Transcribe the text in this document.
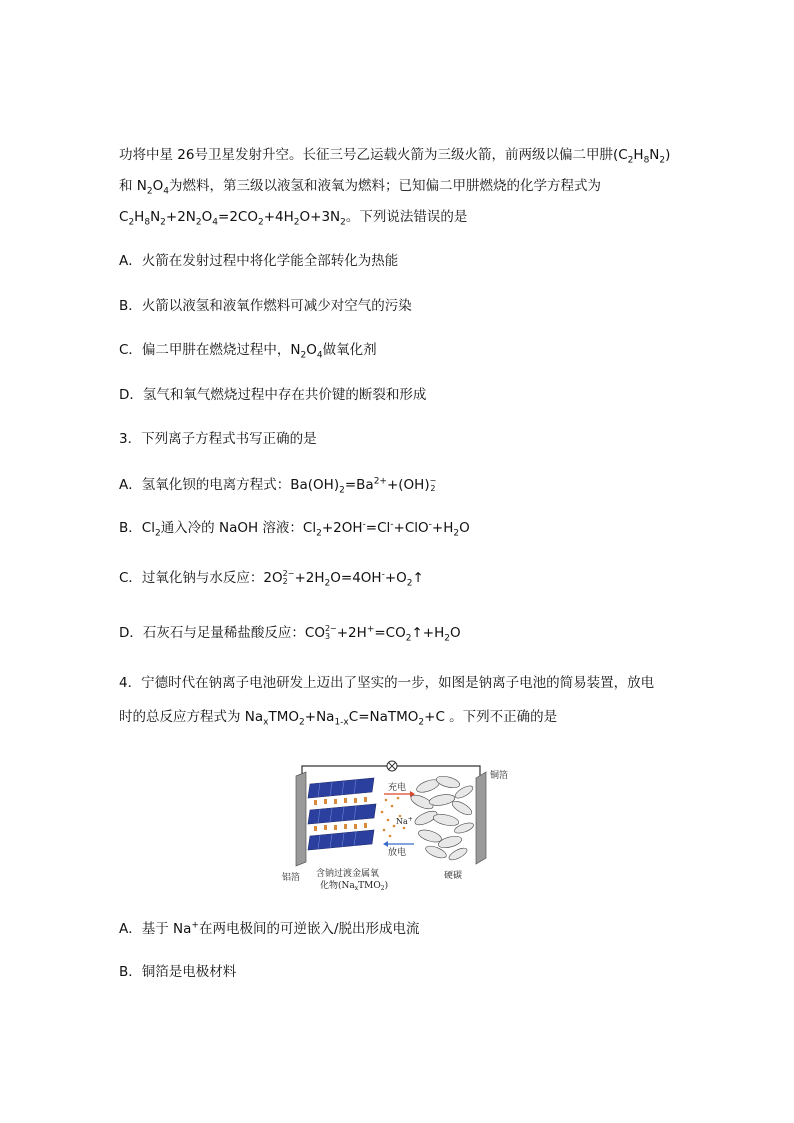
功将中星 26号卫星发射升空。长征三号乙运载火箭为三级火箭，前两级以偏二甲肼$(C_2H_8N_2)$
和 $N_2O_4$为燃料，第三级以液氢和液氧为燃料；已知偏二甲肼燃烧的化学方程式为
$C_2H_8N_2+2N_2O_4=2CO_2+4H_2O+3N_2$。下列说法错误的是
A．火箭在发射过程中将化学能全部转化为热能
B．火箭以液氢和液氧作燃料可减少对空气的污染
C．偏二甲肼在燃烧过程中，$N_2O_4$做氧化剂
D．氢气和氧气燃烧过程中存在共价键的断裂和形成
3．下列离子方程式书写正确的是
A．氢氧化钡的电离方程式：$Ba(OH)_2=Ba^{2+}+(OH)$ −
2
B．$Cl_2$通入冷的 NaOH 溶液：$Cl_2+2OH^-=Cl^-+ClO^-+H_2O$
C．过氧化钠与水反应：2O 2−
$2 +2H_2O=4OH^-+O_2↑$
D．石灰石与足量稀盐酸反应：CO 2−
$3 +2H^+=CO_2↑+H_2O$
4．宁德时代在钠离子电池研发上迈出了坚实的一步，如图是钠离子电池的简易装置，放电
时的总反应方程式为 $Na_xTMO_2+Na_{1-x}C=NaTMO_2+C$ 。下列不正确的是
铜箔
充电
Na+
放电
铝箔 含钠过渡金属氧
化物$(Na_xTMO_2)$
硬碳
A．基于 Na+在两电极间的可逆嵌入/脱出形成电流
B．铜箔是电极材料
